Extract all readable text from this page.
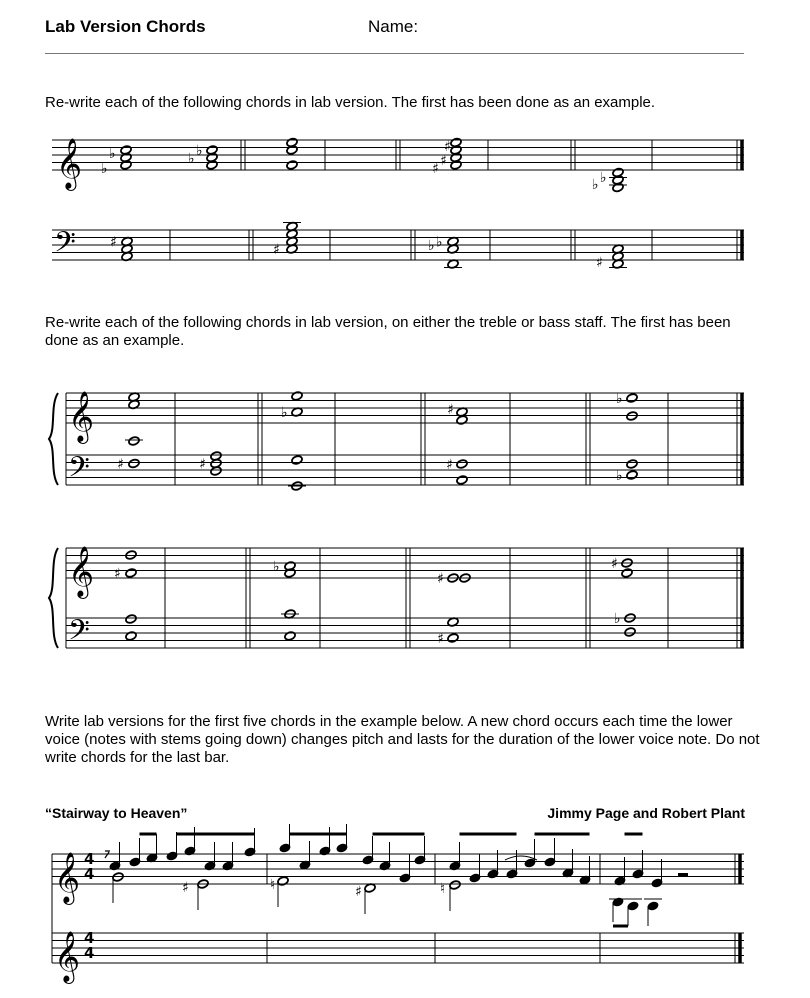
Lab Version Chords	Name:
Re-write each of the following chords in lab version. The first has been done as an example.
Re-write each of the following chords in lab version, on either the treble or bass staff. The first has been done as an example.
Write lab versions for the first five chords in the example below. A new chord occurs each time the lower voice (notes with stems going down) changes pitch and lasts for the duration of the lower voice note. Do not write chords for the last bar.
“Stairway to Heaven”	Jimmy Page and Robert Plant
𝄞
𝄢
𝄞
𝄢
𝄞
𝄢
𝄞
𝄞
♭
♭	♭ ♭
♯ ♯
♯
♭ ♭
♯	♯	♭ ♭
♯
♯	♯
♭	♯
♯
♭
♭
♯	♭
♯
♯
♯
♭
♯	♮	♯	♮
4
4
4
4
